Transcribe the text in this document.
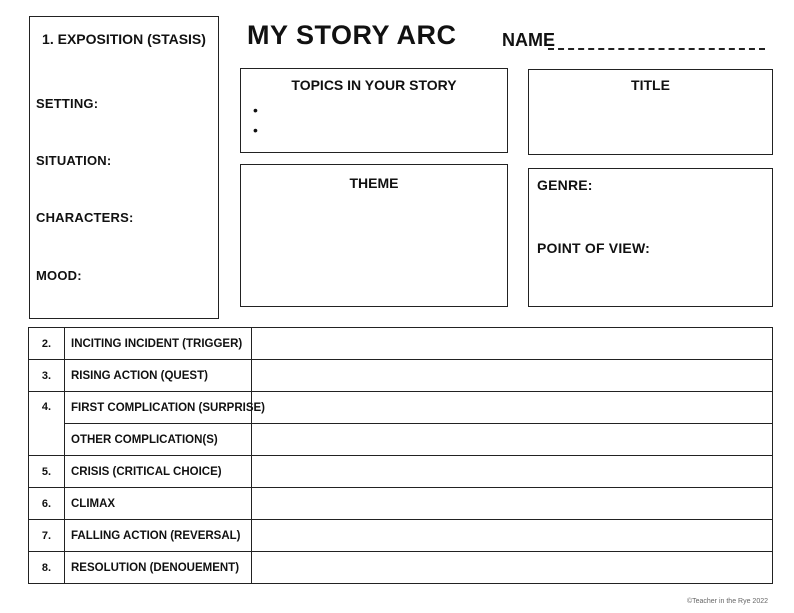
1. EXPOSITION (STASIS)
SETTING:
SITUATION:
CHARACTERS:
MOOD:
MY STORY ARC	NAME
TOPICS IN YOUR STORY
•
•
TITLE
THEME	GENRE:
POINT OF VIEW:
2.	INCITING INCIDENT (TRIGGER)	
3.	RISING ACTION (QUEST)	
4.	FIRST COMPLICATION (SURPRISE)	
	OTHER COMPLICATION(S)	
5.	CRISIS (CRITICAL CHOICE)	
6.	CLIMAX	
7.	FALLING ACTION (REVERSAL)	
8.	RESOLUTION (DENOUEMENT)	
©Teacher in the Rye 2022
